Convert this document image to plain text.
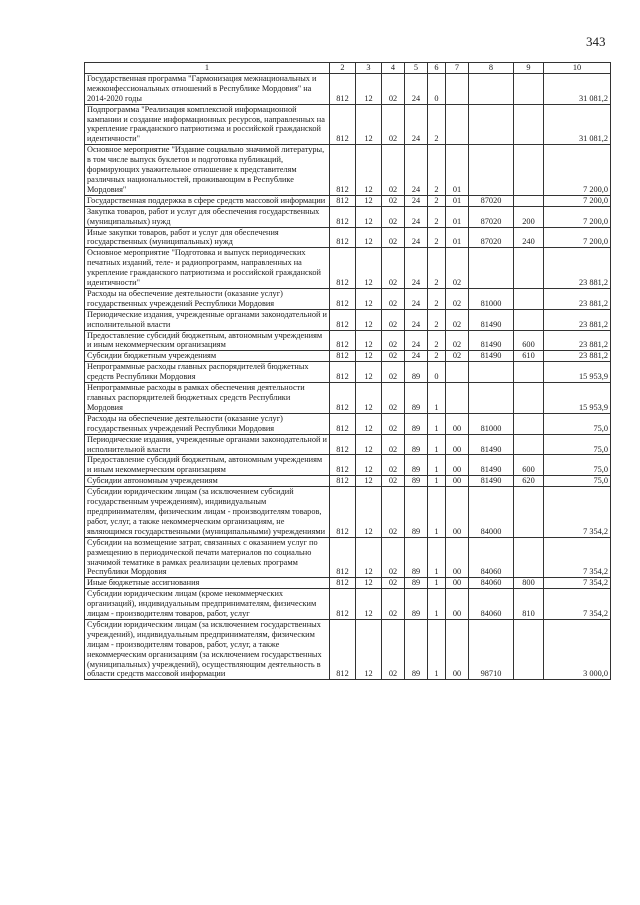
343
1	2	3	4	5	6	7	8	9	10
Государственная программа "Гармонизация межнациональных и межконфессиональных отношений в Республике Мордовия" на 2014-2020 годы	812	12	02	24	0				31 081,2
Подпрограмма "Реализация комплексной информационной кампании и создание информационных ресурсов, направленных на укрепление гражданского патриотизма и российской гражданской идентичности"	812	12	02	24	2				31 081,2
Основное мероприятие "Издание социально значимой литературы, в том числе выпуск буклетов и подготовка публикаций, формирующих уважительное отношение к представителям различных национальностей, проживающим в Республике Мордовия"	812	12	02	24	2	01			7 200,0
Государственная поддержка в сфере средств массовой информации	812	12	02	24	2	01	87020		7 200,0
Закупка товаров, работ и услуг для обеспечения государственных (муниципальных) нужд	812	12	02	24	2	01	87020	200	7 200,0
Иные закупки товаров, работ и услуг для обеспечения государственных (муниципальных) нужд	812	12	02	24	2	01	87020	240	7 200,0
Основное мероприятие "Подготовка и выпуск периодических печатных изданий, теле- и радиопрограмм, направленных на укрепление гражданского патриотизма и российской гражданской идентичности"	812	12	02	24	2	02			23 881,2
Расходы на обеспечение деятельности (оказание услуг) государственных учреждений Республики Мордовия	812	12	02	24	2	02	81000		23 881,2
Периодические издания, учрежденные органами законодательной и исполнительной власти	812	12	02	24	2	02	81490		23 881,2
Предоставление субсидий бюджетным, автономным учреждениям и иным некоммерческим организациям	812	12	02	24	2	02	81490	600	23 881,2
Субсидии бюджетным учреждениям	812	12	02	24	2	02	81490	610	23 881,2
Непрограммные расходы главных распорядителей бюджетных средств Республики Мордовия	812	12	02	89	0				15 953,9
Непрограммные расходы в рамках обеспечения деятельности главных распорядителей бюджетных средств Республики Мордовия	812	12	02	89	1				15 953,9
Расходы на обеспечение деятельности (оказание услуг) государственных учреждений Республики Мордовия	812	12	02	89	1	00	81000		75,0
Периодические издания, учрежденные органами законодательной и исполнительной власти	812	12	02	89	1	00	81490		75,0
Предоставление субсидий бюджетным, автономным учреждениям и иным некоммерческим организациям	812	12	02	89	1	00	81490	600	75,0
Субсидии автономным учреждениям	812	12	02	89	1	00	81490	620	75,0
Субсидии юридическим лицам (за исключением субсидий государственным учреждениям), индивидуальным предпринимателям, физическим лицам - производителям товаров, работ, услуг, а также некоммерческим организациям, не являющимся государственными (муниципальными) учреждениями	812	12	02	89	1	00	84000		7 354,2
Субсидии на возмещение затрат, связанных с оказанием услуг по размещению в периодической печати материалов по социально значимой тематике в рамках реализации целевых программ Республики Мордовия	812	12	02	89	1	00	84060		7 354,2
Иные бюджетные ассигнования	812	12	02	89	1	00	84060	800	7 354,2
Субсидии юридическим лицам (кроме некоммерческих организаций), индивидуальным предпринимателям, физическим лицам - производителям товаров, работ, услуг	812	12	02	89	1	00	84060	810	7 354,2
Субсидии юридическим лицам (за исключением государственных учреждений), индивидуальным предпринимателям, физическим лицам - производителям товаров, работ, услуг, а также некоммерческим организациям (за исключением государственных (муниципальных) учреждений), осуществляющим деятельность в области средств массовой информации	812	12	02	89	1	00	98710		3 000,0
